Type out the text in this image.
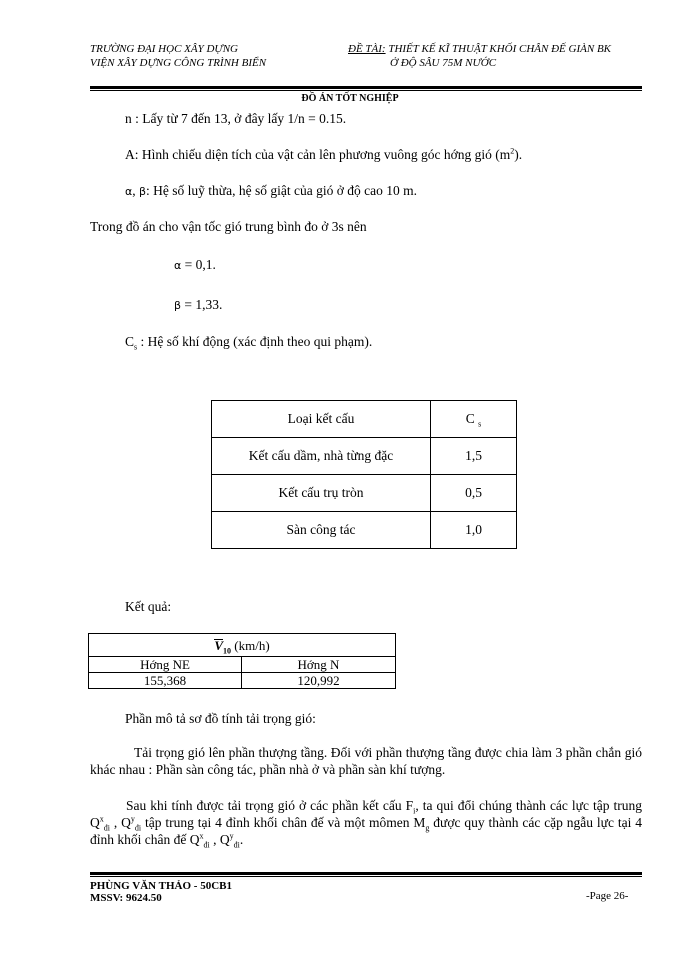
TRƯỜNG ĐẠI HỌC XÂY DỰNG
VIỆN XÂY DỰNG CÔNG TRÌNH BIỂN
ĐỀ TÀI: THIẾT KẾ KĨ THUẬT KHỐI CHÂN ĐẾ GIÀN BK
Ở ĐỘ SÂU 75M NƯỚC
ĐỒ ÁN TỐT NGHIỆP
n : Lấy từ 7 đến 13, ở đây lấy 1/n = 0.15.
A: Hình chiếu diện tích của vật cản lên phương vuông góc hớng gió $(m^2)$.
α, β: Hệ số luỹ thừa, hệ số giật của gió ở độ cao 10 m.
Trong đồ án cho vận tốc gió trung bình đo ở 3s nên
α = 0,1.
β = 1,33.
$C_s$ : Hệ số khí động (xác định theo qui phạm).
Loại kết cấu	C $_s$
Kết cấu dầm, nhà từng đặc	1,5
Kết cấu trụ tròn	0,5
Sàn công tác	1,0
Kết quả:
$V_{10}$ (km/h)	
Hớng NE	Hớng N
155,368	120,992
Phần mô tả sơ đồ tính tải trọng gió:
Tải trọng gió lên phần thượng tầng. Đối với phần thượng tầng được chia làm 3 phần chắn gió khác nhau : Phần sàn công tác, phần nhà ở và phần sàn khí tượng.
Sau khi tính được tải trọng gió ở các phần kết cấu $F_i$, ta qui đổi chúng thành các lực tập trung $Q^x_{đi}$ , $Q^y_{đi}$ tập trung tại 4 đỉnh khối chân đế và một mômen $M_g$ được quy thành các cặp ngẫu lực tại 4 đỉnh khối chân đế $Q^x_{đi}$ , $Q^y_{đi}$.
PHÙNG VĂN THẢO - 50CB1
MSSV: 9624.50	-Page 26-
